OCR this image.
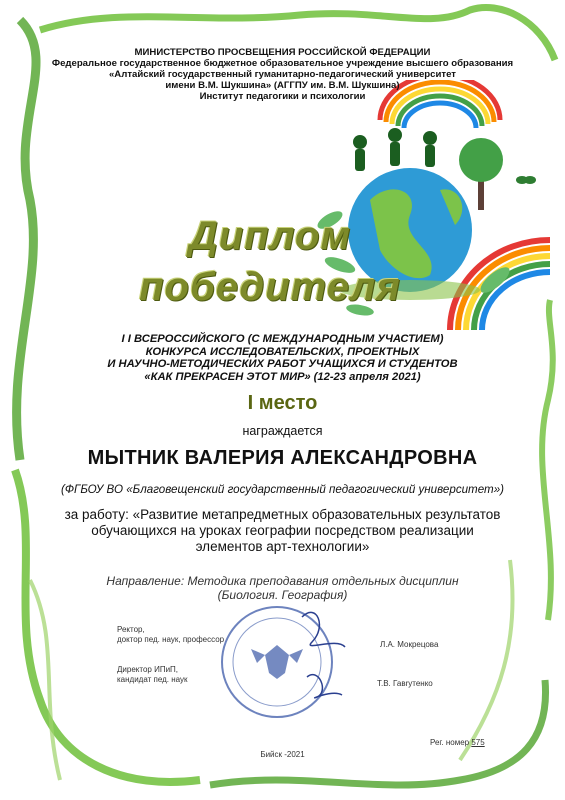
МИНИСТЕРСТВО ПРОСВЕЩЕНИЯ РОССИЙСКОЙ ФЕДЕРАЦИИ
Федеральное государственное бюджетное образовательное учреждение высшего образования
«Алтайский государственный гуманитарно-педагогический университет
имени В.М. Шукшина» (АГГПУ им. В.М. Шукшина)
Институт педагогики и психологии
Диплом
победителя
I I ВСЕРОССИЙСКОГО (С МЕЖДУНАРОДНЫМ УЧАСТИЕМ)
КОНКУРСА ИССЛЕДОВАТЕЛЬСКИХ, ПРОЕКТНЫХ
И НАУЧНО-МЕТОДИЧЕСКИХ РАБОТ УЧАЩИХСЯ И СТУДЕНТОВ
«КАК ПРЕКРАСЕН ЭТОТ МИР» (12-23 апреля 2021)
I место
награждается
МЫТНИК ВАЛЕРИЯ АЛЕКСАНДРОВНА
(ФГБОУ ВО «Благовещенский государственный педагогический университет»)
за работу: «Развитие метапредметных образовательных результатов
обучающихся на уроках географии посредством реализации
элементов арт-технологии»
Направление: Методика преподавания отдельных дисциплин
(Биология. География)
Ректор,
доктор пед. наук, профессор
Л.А. Мокрецова
Директор ИПиП,
кандидат пед. наук	Т.В. Гавrутенко
Рег. номер 575
Бийск -2021
